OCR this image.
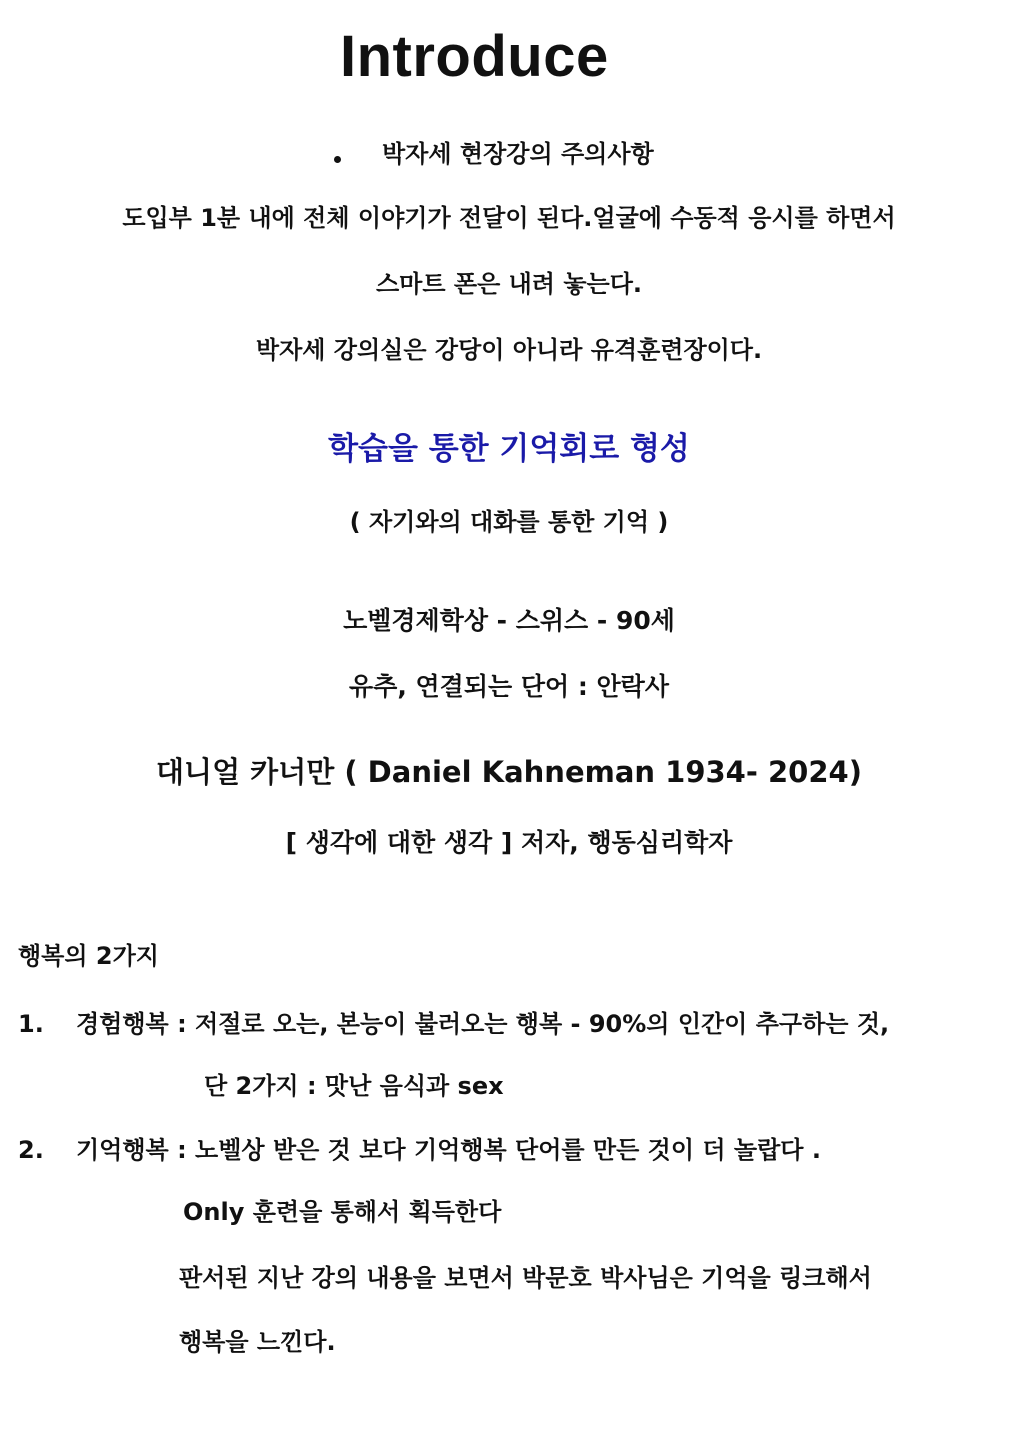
Introduce
박자세 현장강의 주의사항
도입부 1분 내에 전체 이야기가 전달이 된다.얼굴에 수동적 응시를 하면서
스마트 폰은 내려 놓는다.
박자세 강의실은 강당이 아니라 유격훈련장이다.
학습을 통한 기억회로 형성
( 자기와의 대화를 통한 기억 )
노벨경제학상 - 스위스 - 90세
유추, 연결되는 단어 : 안락사
대니얼 카너만 ( Daniel Kahneman 1934- 2024)
[ 생각에 대한 생각 ] 저자, 행동심리학자
행복의 2가지
1. 경험행복 : 저절로 오는, 본능이 불러오는 행복 - 90%의 인간이 추구하는 것,
단 2가지 : 맛난 음식과 sex
2. 기억행복 : 노벨상 받은 것 보다 기억행복 단어를 만든 것이 더 놀랍다 .
Only 훈련을 통해서 획득한다
판서된 지난 강의 내용을 보면서 박문호 박사님은 기억을 링크해서
행복을 느낀다.
